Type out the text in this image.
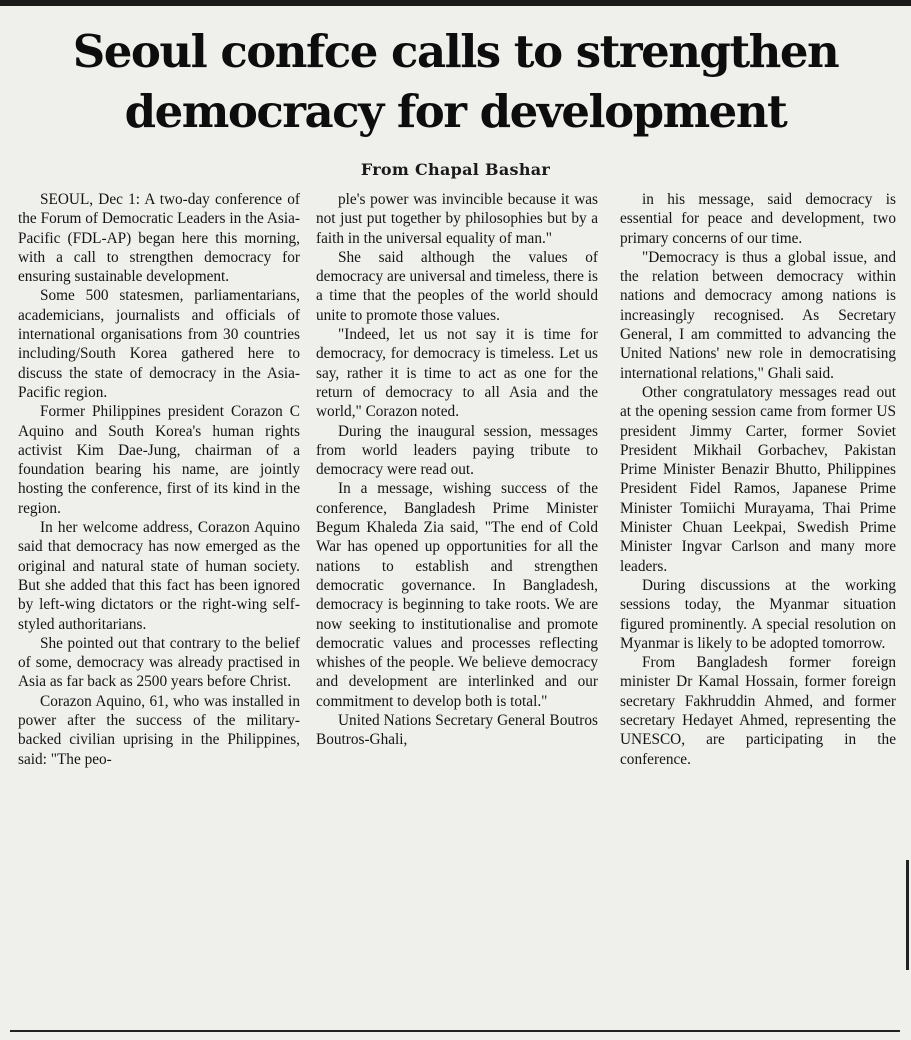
Seoul confce calls to strengthen
democracy for development
From Chapal Bashar

SEOUL, Dec 1: A two-day conference of the Forum of Democratic Leaders in the Asia-Pacific (FDL-AP) began here this morning, with a call to strengthen democracy for ensuring sustainable development.

Some 500 statesmen, parliamentarians, academicians, journalists and officials of international organisations from 30 countries including/South Korea gathered here to discuss the state of democracy in the Asia-Pacific region.

Former Philippines president Corazon C Aquino and South Korea's human rights activist Kim Dae-Jung, chairman of a foundation bearing his name, are jointly hosting the conference, first of its kind in the region.

In her welcome address, Corazon Aquino said that democracy has now emerged as the original and natural state of human society. But she added that this fact has been ignored by left-wing dictators or the right-wing self-styled authoritarians.

She pointed out that contrary to the belief of some, democracy was already practised in Asia as far back as 2500 years before Christ.

Corazon Aquino, 61, who was installed in power after the success of the military-backed civilian uprising in the Philippines, said: "The peo-

ple's power was invincible because it was not just put together by philosophies but by a faith in the universal equality of man."

She said although the values of democracy are universal and timeless, there is a time that the peoples of the world should unite to promote those values.

"Indeed, let us not say it is time for democracy, for democracy is timeless. Let us say, rather it is time to act as one for the return of democracy to all Asia and the world," Corazon noted.

During the inaugural session, messages from world leaders paying tribute to democracy were read out.

In a message, wishing success of the conference, Bangladesh Prime Minister Begum Khaleda Zia said, "The end of Cold War has opened up opportunities for all the nations to establish and strengthen democratic governance. In Bangladesh, democracy is beginning to take roots. We are now seeking to institutionalise and promote democratic values and processes reflecting whishes of the people. We believe democracy and development are interlinked and our commitment to develop both is total."

United Nations Secretary General Boutros Boutros-Ghali,

in his message, said democracy is essential for peace and development, two primary concerns of our time.

"Democracy is thus a global issue, and the relation between democracy within nations and democracy among nations is increasingly recognised. As Secretary General, I am committed to advancing the United Nations' new role in democratising international relations," Ghali said.

Other congratulatory messages read out at the opening session came from former US president Jimmy Carter, former Soviet President Mikhail Gorbachev, Pakistan Prime Minister Benazir Bhutto, Philippines President Fidel Ramos, Japanese Prime Minister Tomiichi Murayama, Thai Prime Minister Chuan Leekpai, Swedish Prime Minister Ingvar Carlson and many more leaders.

During discussions at the working sessions today, the Myanmar situation figured prominently. A special resolution on Myanmar is likely to be adopted tomorrow.

From Bangladesh former foreign minister Dr Kamal Hossain, former foreign secretary Fakhruddin Ahmed, and former secretary Hedayet Ahmed, representing the UNESCO, are participating in the conference.
